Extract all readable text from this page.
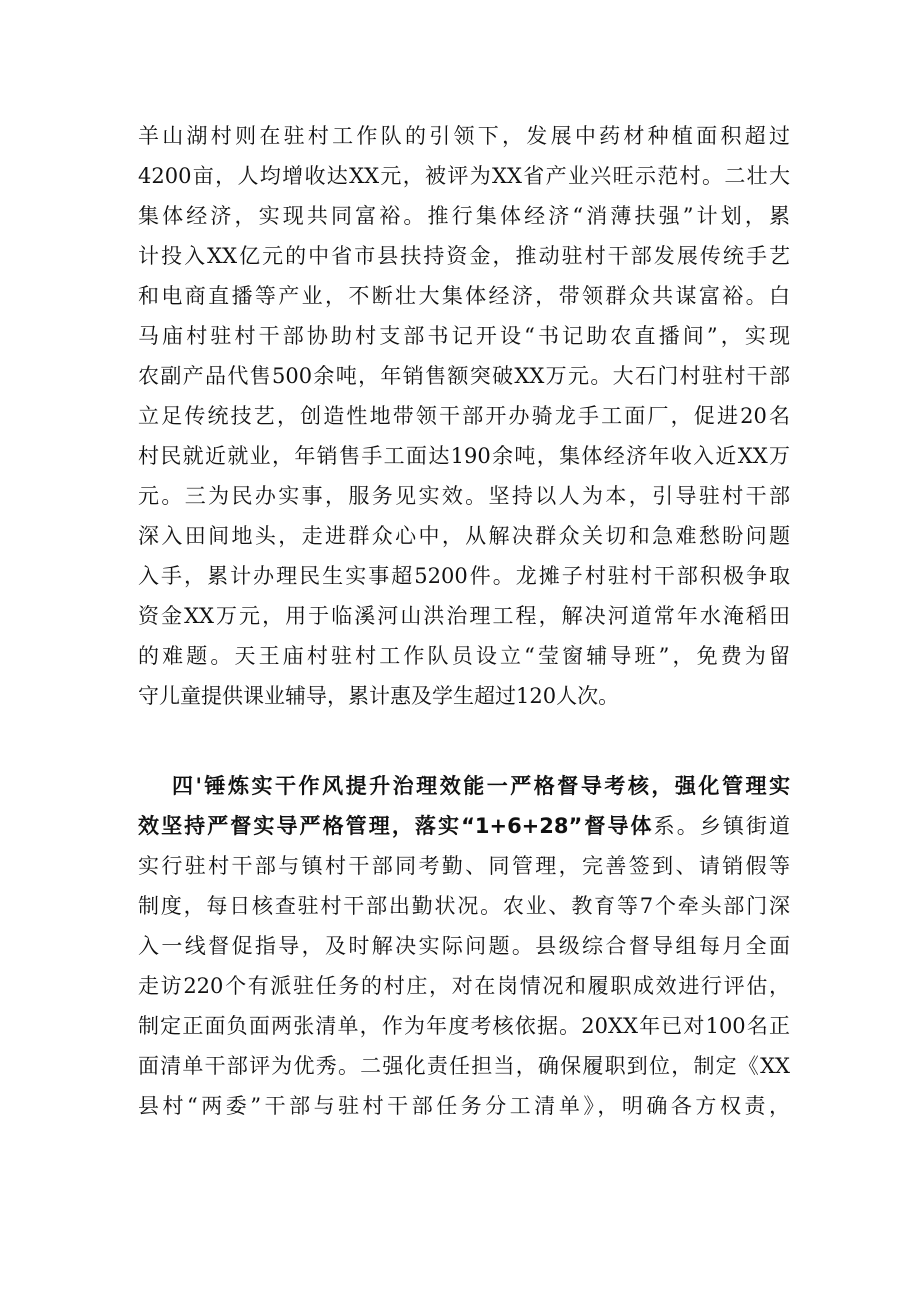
羊山湖村则在驻村工作队的引领下，发展中药材种植面积超过
4200亩，人均增收达XX元，被评为XX省产业兴旺示范村。二壮大
集体经济，实现共同富裕。推行集体经济“消薄扶强”计划，累
计投入XX亿元的中省市县扶持资金，推动驻村干部发展传统手艺
和电商直播等产业，不断壮大集体经济，带领群众共谋富裕。白
马庙村驻村干部协助村支部书记开设“书记助农直播间”，实现
农副产品代售500余吨，年销售额突破XX万元。大石门村驻村干部
立足传统技艺，创造性地带领干部开办骑龙手工面厂，促进20名
村民就近就业，年销售手工面达190余吨，集体经济年收入近XX万
元。三为民办实事，服务见实效。坚持以人为本，引导驻村干部
深入田间地头，走进群众心中，从解决群众关切和急难愁盼问题
入手，累计办理民生实事超5200件。龙摊子村驻村干部积极争取
资金XX万元，用于临溪河山洪治理工程，解决河道常年水淹稻田
的难题。天王庙村驻村工作队员设立“莹窗辅导班”，免费为留
守儿童提供课业辅导，累计惠及学生超过120人次。
四'锤炼实干作风提升治理效能一严格督导考核，强化管理实
效坚持严督实导严格管理，落实“1+6+28”督导体系。乡镇街道
实行驻村干部与镇村干部同考勤、同管理，完善签到、请销假等
制度，每日核查驻村干部出勤状况。农业、教育等7个牵头部门深
入一线督促指导，及时解决实际问题。县级综合督导组每月全面
走访220个有派驻任务的村庄，对在岗情况和履职成效进行评估，
制定正面负面两张清单，作为年度考核依据。20XX年已对100名正
面清单干部评为优秀。二强化责任担当，确保履职到位，制定《XX
县村“两委”干部与驻村干部任务分工清单》，明确各方权责，
